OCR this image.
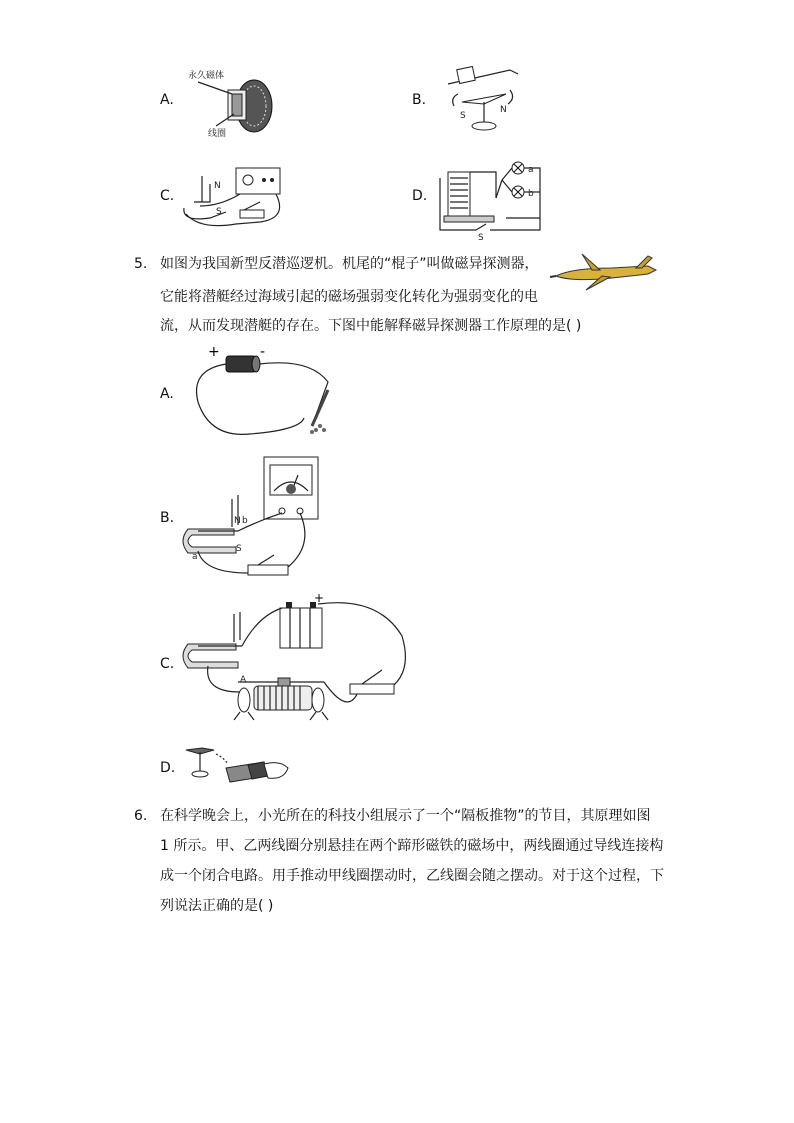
A.
永久磁体
线圈
B.
S
N
C.
N
S
D.
a
b
S
5. 如图为我国新型反潜巡逻机。机尾的“棍子”叫做磁异探测器，
它能将潜艇经过海域引起的磁场强弱变化转化为强弱变化的电
流，从而发现潜艇的存在。下图中能解释磁异探测器工作原理的是( )
A.
+	-
B.	N b
S
a
C.
+
A
D.
6. 在科学晚会上，小光所在的科技小组展示了一个“隔板推物”的节目，其原理如图
1 所示。甲、乙两线圈分别悬挂在两个蹄形磁铁的磁场中，两线圈通过导线连接构
成一个闭合电路。用手推动甲线圈摆动时，乙线圈会随之摆动。对于这个过程，下
列说法正确的是( )
